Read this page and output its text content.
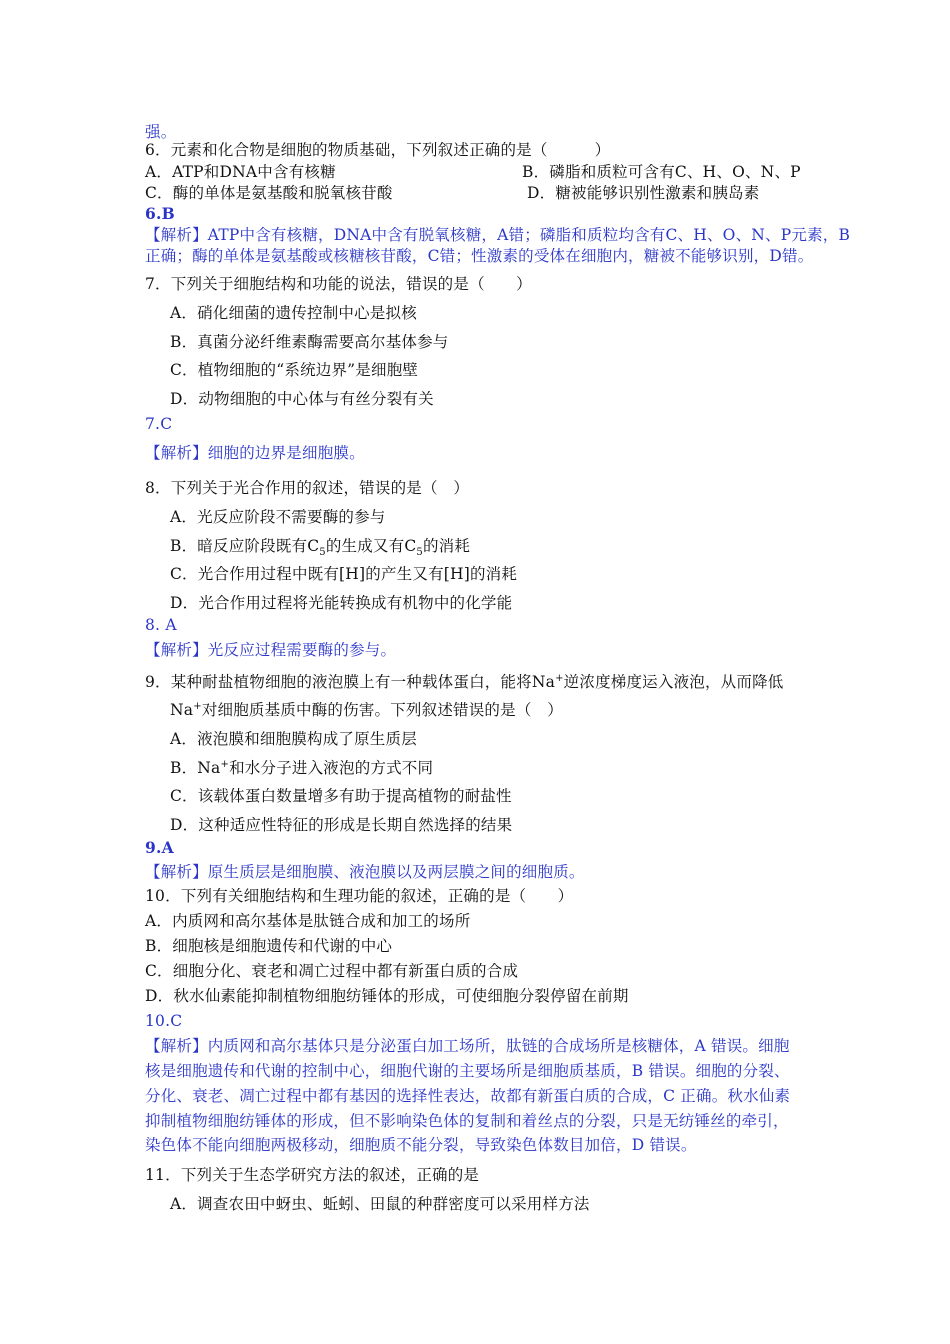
强。
6．元素和化合物是细胞的物质基础，下列叙述正确的是（　　　）
A．ATP和DNA中含有核糖	B．磷脂和质粒可含有C、H、O、N、P
C．酶的单体是氨基酸和脱氧核苷酸	D．糖被能够识别性激素和胰岛素
6.B
【解析】ATP中含有核糖，DNA中含有脱氧核糖，A错；磷脂和质粒均含有C、H、O、N、P元素，B
正确；酶的单体是氨基酸或核糖核苷酸，C错；性激素的受体在细胞内，糖被不能够识别，D错。
7．下列关于细胞结构和功能的说法，错误的是（　　）
A．硝化细菌的遗传控制中心是拟核
B．真菌分泌纤维素酶需要高尔基体参与
C．植物细胞的“系统边界”是细胞壁
D．动物细胞的中心体与有丝分裂有关
7.C
【解析】细胞的边界是细胞膜。
8．下列关于光合作用的叙述，错误的是（　）
A．光反应阶段不需要酶的参与
B．暗反应阶段既有$C_5$的生成又有$C_5$的消耗
C．光合作用过程中既有[H]的产生又有[H]的消耗
D．光合作用过程将光能转换成有机物中的化学能
8. A
【解析】光反应过程需要酶的参与。
9．某种耐盐植物细胞的液泡膜上有一种载体蛋白，能将Na+逆浓度梯度运入液泡，从而降低
Na+对细胞质基质中酶的伤害。下列叙述错误的是（　）
A．液泡膜和细胞膜构成了原生质层
B．Na+和水分子进入液泡的方式不同
C．该载体蛋白数量增多有助于提高植物的耐盐性
D．这种适应性特征的形成是长期自然选择的结果
9.A
【解析】原生质层是细胞膜、液泡膜以及两层膜之间的细胞质。
10．下列有关细胞结构和生理功能的叙述，正确的是（　　）
A．内质网和高尔基体是肽链合成和加工的场所
B．细胞核是细胞遗传和代谢的中心
C．细胞分化、衰老和凋亡过程中都有新蛋白质的合成
D．秋水仙素能抑制植物细胞纺锤体的形成，可使细胞分裂停留在前期
10.C
【解析】内质网和高尔基体只是分泌蛋白加工场所，肽链的合成场所是核糖体，A 错误。细胞
核是细胞遗传和代谢的控制中心，细胞代谢的主要场所是细胞质基质，B 错误。细胞的分裂、
分化、衰老、凋亡过程中都有基因的选择性表达，故都有新蛋白质的合成，C 正确。秋水仙素
抑制植物细胞纺锤体的形成，但不影响染色体的复制和着丝点的分裂，只是无纺锤丝的牵引，
染色体不能向细胞两极移动，细胞质不能分裂，导致染色体数目加倍，D 错误。
11．下列关于生态学研究方法的叙述，正确的是
A．调查农田中蚜虫、蚯蚓、田鼠的种群密度可以采用样方法
